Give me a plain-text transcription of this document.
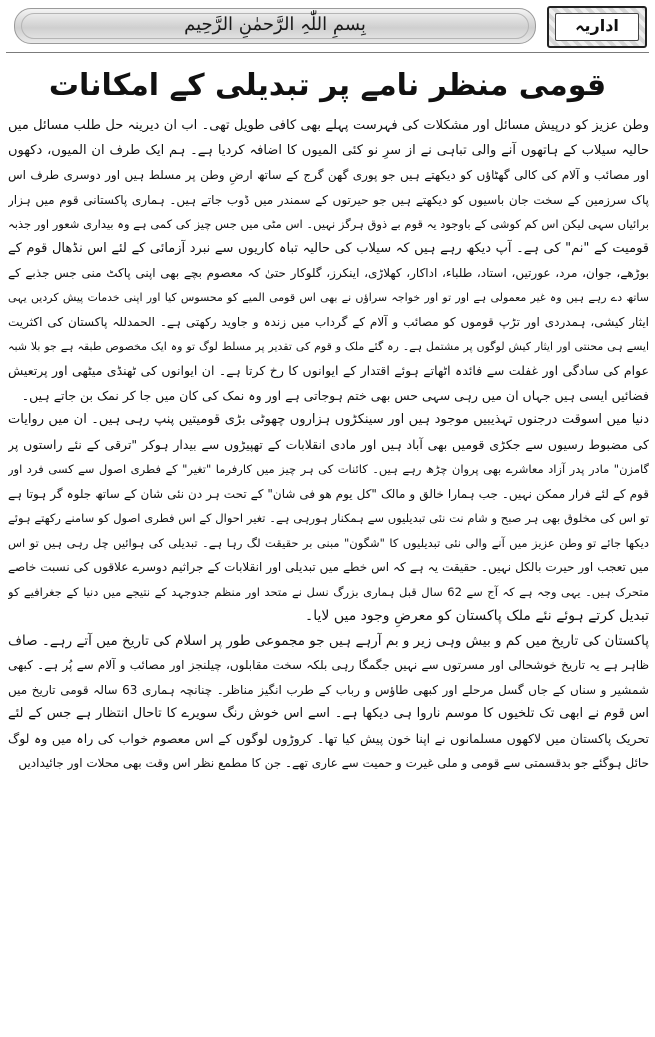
بِسمِ اللّٰہِ الرَّحمٰنِ الرَّحِیم	اداریہ
قومی منظر نامے پر تبدیلی کے امکانات
وطن عزیز کو درپیش مسائل اور مشکلات کی فہرست پہلے بھی کافی طویل تھی۔ اب ان دیرینہ حل طلب مسائل میں
حالیہ سیلاب کے ہاتھوں آنے والی تباہی نے از سرِ نو کئی المیوں کا اضافہ کردیا ہے۔ ہم ایک طرف ان المیوں، دکھوں
اور مصائب و آلام کی کالی گھٹاؤں کو دیکھتے ہیں جو پوری گھن گرج کے ساتھ ارضِ وطن پر مسلط ہیں اور دوسری طرف اس
پاک سرزمین کے سخت جان باسیوں کو دیکھتے ہیں جو حیرتوں کے سمندر میں ڈوب جاتے ہیں۔ ہماری پاکستانی قوم میں ہزار
برائیاں سہی لیکن اس کم کوشی کے باوجود یہ قوم بے ذوق ہرگز نہیں۔ اس مٹی میں جس چیز کی کمی ہے وہ بیداری شعور اور جذبہ
قومیت کے "نم" کی ہے۔ آپ دیکھ رہے ہیں کہ سیلاب کی حالیہ تباہ کاریوں سے نبرد آزمائی کے لئے اس نڈھال قوم کے
بوڑھے، جوان، مرد، عورتیں، استاد، طلباء، اداکار، کھلاڑی، اینکرز، گلوکار حتیٰ کہ معصوم بچے بھی اپنی پاکٹ منی جس جذبے کے
ساتھ دے رہے ہیں وہ غیر معمولی ہے اور تو اور خواجہ سراؤں نے بھی اس قومی المیے کو محسوس کیا اور اپنی خدمات پیش کردیں یہی
ایثار کیشی، ہمدردی اور تڑپ قوموں کو مصائب و آلام کے گرداب میں زندہ و جاوید رکھتی ہے۔ الحمدللہ پاکستان کی اکثریت
ایسے ہی محنتی اور ایثار کیش لوگوں پر مشتمل ہے۔ رہ گئے ملک و قوم کی تقدیر پر مسلط لوگ تو وہ ایک مخصوص طبقہ ہے جو بلا شبہ
عوام کی سادگی اور غفلت سے فائدہ اٹھاتے ہوئے اقتدار کے ایوانوں کا رخ کرتا ہے۔ ان ایوانوں کی ٹھنڈی میٹھی اور پرتعیش
فضائیں ایسی ہیں جہاں ان میں رہی سہی حس بھی ختم ہوجاتی ہے اور وہ نمک کی کان میں جا کر نمک بن جاتے ہیں۔
دنیا میں اسوقت درجنوں تہذیبیں موجود ہیں اور سینکڑوں ہزاروں چھوٹی بڑی قومیتیں پنپ رہی ہیں۔ ان میں روایات
کی مضبوط رسیوں سے جکڑی قومیں بھی آباد ہیں اور مادی انقلابات کے تھپیڑوں سے بیدار ہوکر "ترقی کے نئے راستوں پر
گامزن" مادر پدر آزاد معاشرے بھی پروان چڑھ رہے ہیں۔ کائنات کی ہر چیز میں کارفرما "تغیر" کے فطری اصول سے کسی فرد اور
قوم کے لئے فرار ممکن نہیں۔ جب ہمارا خالق و مالک "کل یوم ھو فی شان" کے تحت ہر دن نئی شان کے ساتھ جلوہ گر ہوتا ہے
تو اس کی مخلوق بھی ہر صبح و شام نت نئی تبدیلیوں سے ہمکنار ہورہی ہے۔ تغیر احوال کے اس فطری اصول کو سامنے رکھتے ہوئے
دیکھا جائے تو وطن عزیز میں آنے والی نئی تبدیلیوں کا "شگون" مبنی بر حقیقت لگ رہا ہے۔ تبدیلی کی ہوائیں چل رہی ہیں تو اس
میں تعجب اور حیرت بالکل نہیں۔ حقیقت یہ ہے کہ اس خطے میں تبدیلی اور انقلابات کے جراثیم دوسرے علاقوں کی نسبت خاصے
متحرک ہیں۔ یہی وجہ ہے کہ آج سے 62 سال قبل ہماری بزرگ نسل نے متحد اور منظم جدوجہد کے نتیجے میں دنیا کے جغرافیے کو
تبدیل کرتے ہوئے نئے ملک پاکستان کو معرضِ وجود میں لایا۔
پاکستان کی تاریخ میں کم و بیش وہی زیر و بم آرہے ہیں جو مجموعی طور پر اسلام کی تاریخ میں آتے رہے۔ صاف
ظاہر ہے یہ تاریخ خوشحالی اور مسرتوں سے نہیں جگمگا رہی بلکہ سخت مقابلوں، چیلنجز اور مصائب و آلام سے پُر ہے۔ کبھی
شمشیر و سناں کے جاں گسل مرحلے اور کبھی طاؤس و رباب کے طرب انگیز مناظر۔ چنانچہ ہماری 63 سالہ قومی تاریخ میں
اس قوم نے ابھی تک تلخیوں کا موسم ناروا ہی دیکھا ہے۔ اسے اس خوش رنگ سویرے کا تاحال انتظار ہے جس کے لئے
تحریک پاکستان میں لاکھوں مسلمانوں نے اپنا خون پیش کیا تھا۔ کروڑوں لوگوں کے اس معصوم خواب کی راہ میں وہ لوگ
حائل ہوگئے جو بدقسمتی سے قومی و ملی غیرت و حمیت سے عاری تھے۔ جن کا مطمع نظر اس وقت بھی محلات اور جائیدادیں
